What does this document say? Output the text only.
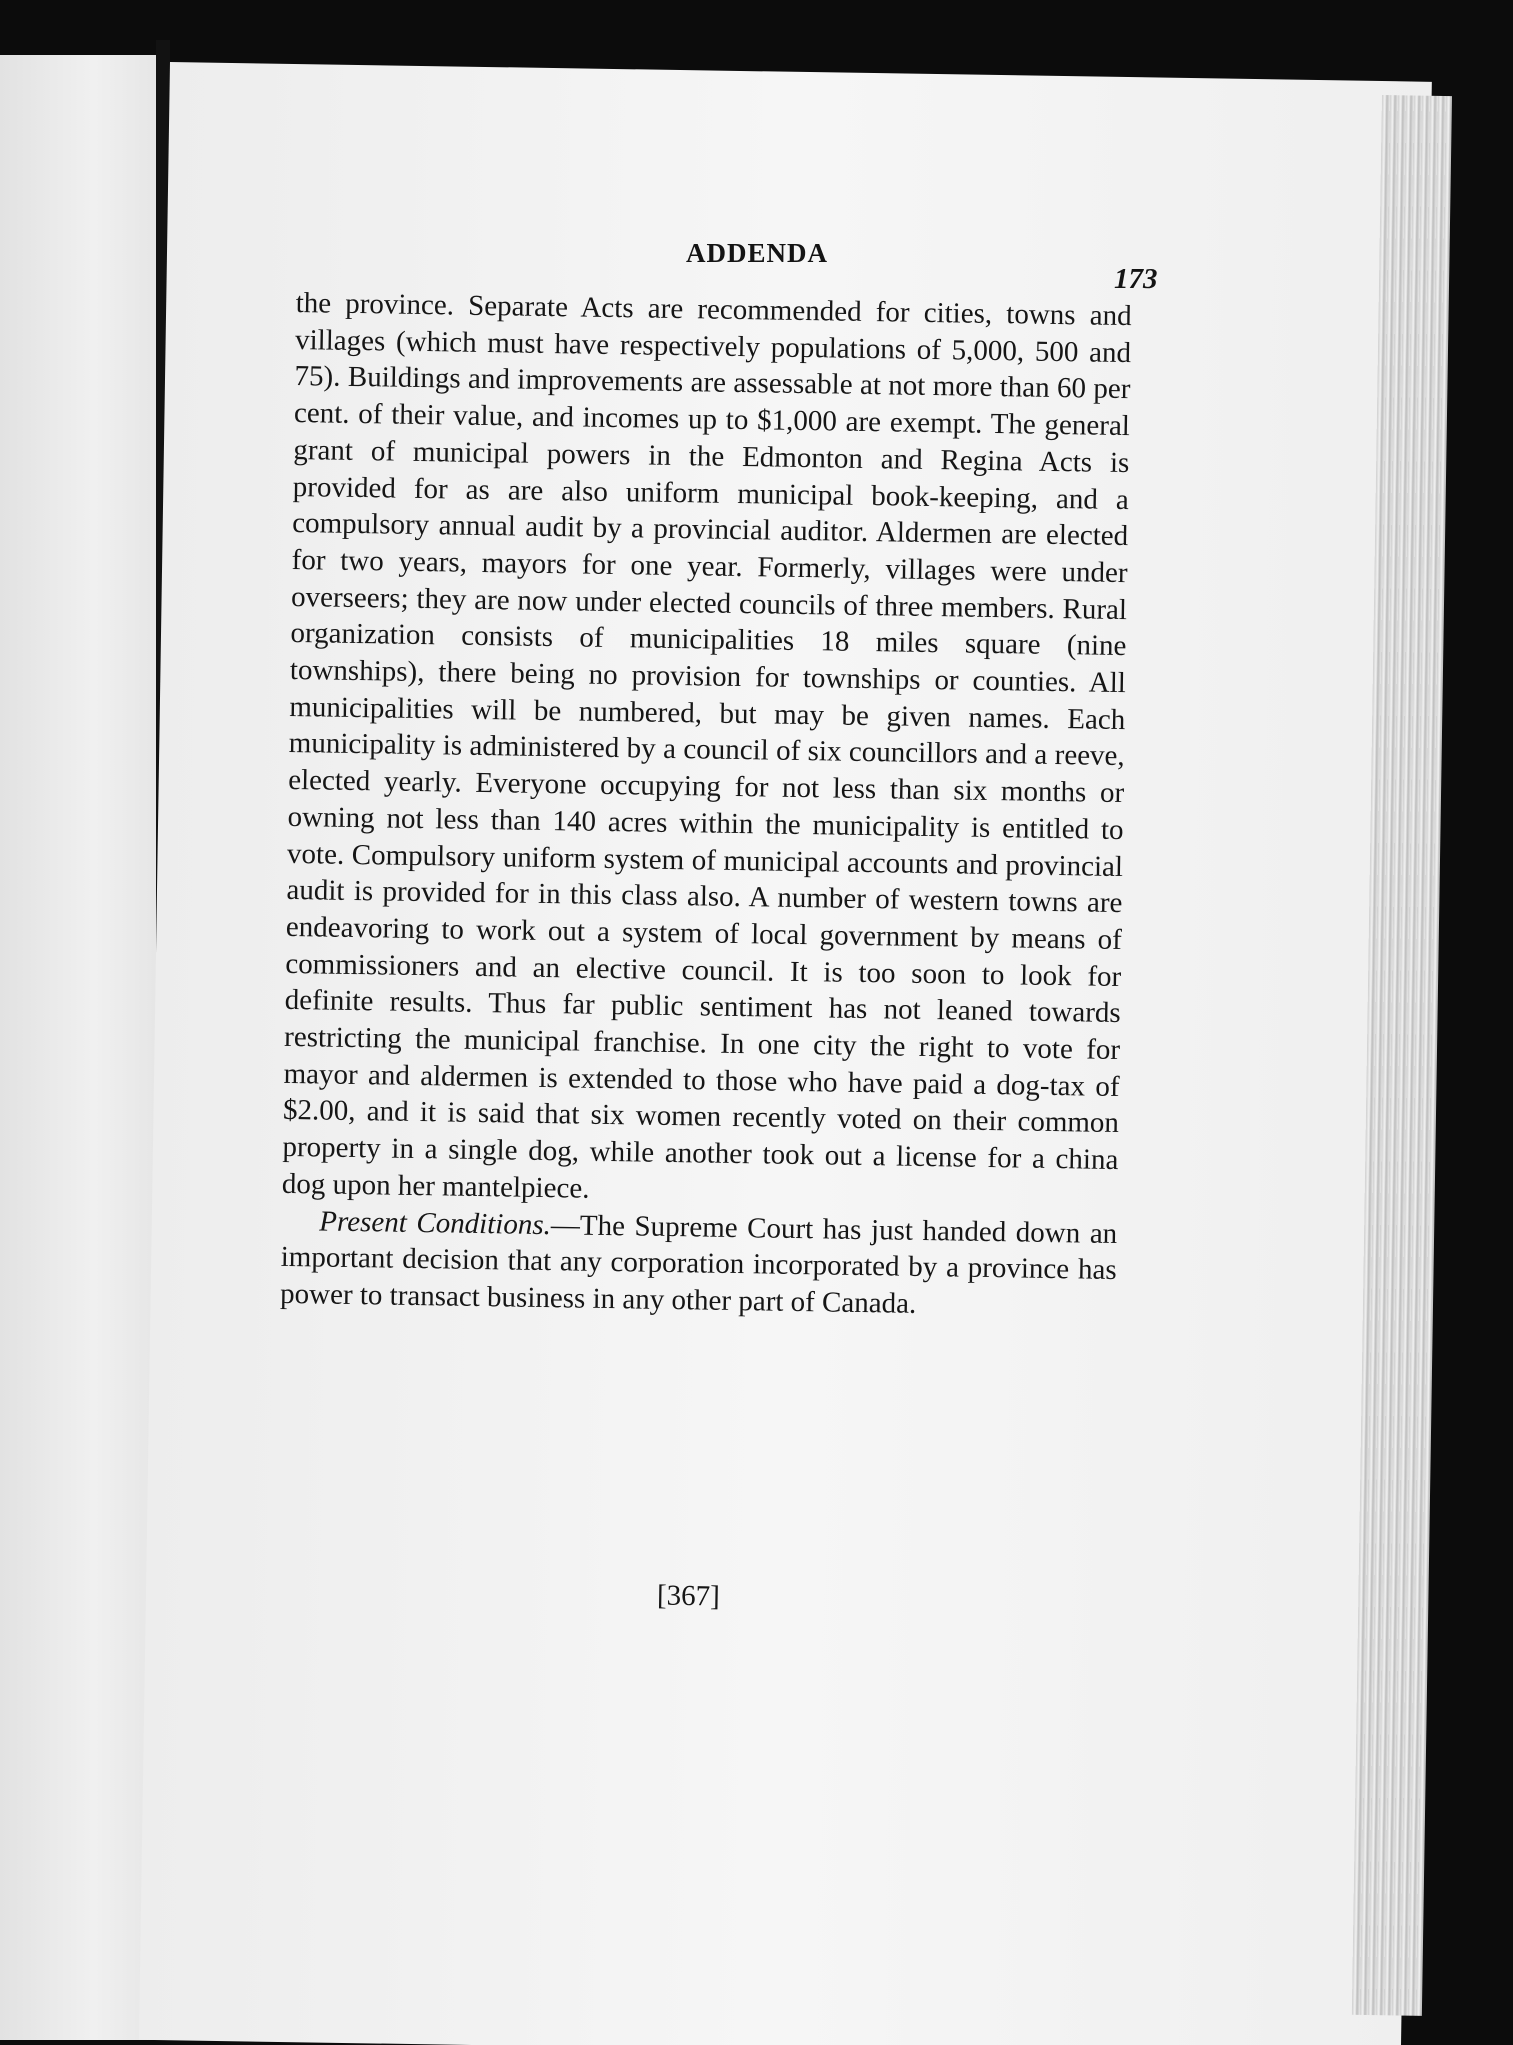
ADDENDA
173

the province. Separate Acts are recommended for cities, towns and villages (which must have respectively populations of 5,000, 500 and 75). Buildings and improvements are assessable at not more than 60 per cent. of their value, and incomes up to $1,000 are exempt. The general grant of municipal powers in the Edmonton and Regina Acts is provided for as are also uniform municipal book-keeping, and a compulsory annual audit by a provincial auditor. Aldermen are elected for two years, mayors for one year. Formerly, villages were under overseers; they are now under elected councils of three members. Rural organization consists of municipalities 18 miles square (nine townships), there being no provision for townships or counties. All municipalities will be numbered, but may be given names. Each municipality is administered by a council of six councillors and a reeve, elected yearly. Everyone occupying for not less than six months or owning not less than 140 acres within the municipality is entitled to vote. Compulsory uniform system of municipal accounts and provincial audit is provided for in this class also. A number of western towns are endeavoring to work out a system of local government by means of commissioners and an elective council. It is too soon to look for definite results. Thus far public sentiment has not leaned towards restricting the municipal franchise. In one city the right to vote for mayor and aldermen is extended to those who have paid a dog-tax of $2.00, and it is said that six women recently voted on their common property in a single dog, while another took out a license for a china dog upon her mantelpiece.

Present Conditions.—The Supreme Court has just handed down an important decision that any corporation incorporated by a province has power to transact business in any other part of Canada.

[367]
